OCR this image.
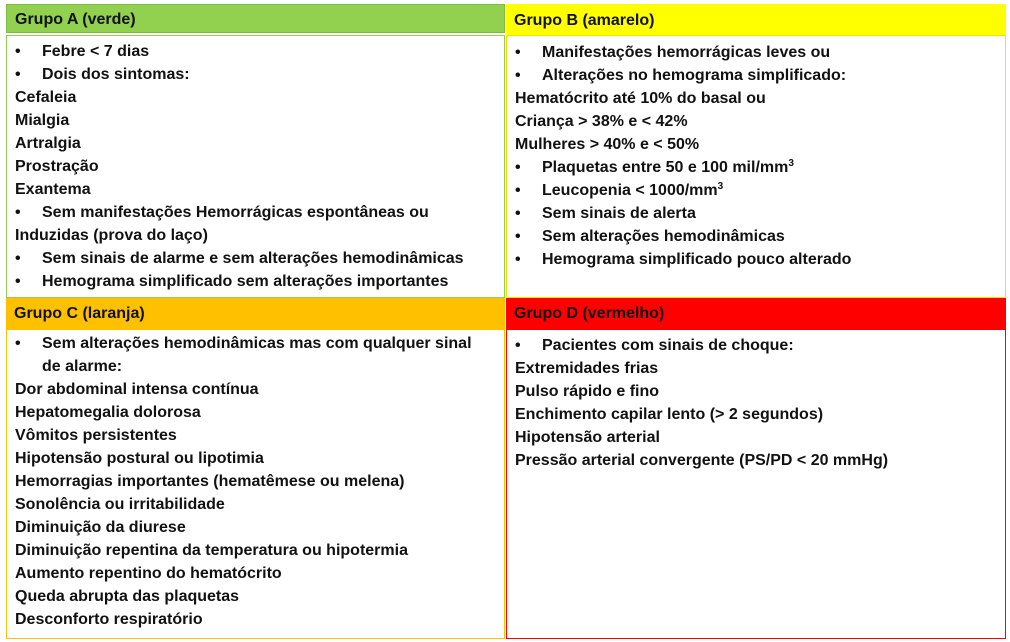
Grupo A (verde)
• Febre < 7 dias
• Dois dos sintomas:
Cefaleia
Mialgia
Artralgia
Prostração
Exantema
• Sem manifestações Hemorrágicas espontâneas ou
Induzidas (prova do laço)
• Sem sinais de alarme e sem alterações hemodinâmicas
• Hemograma simplificado sem alterações importantes
Grupo B (amarelo)
• Manifestações hemorrágicas leves ou
• Alterações no hemograma simplificado:
Hematócrito até 10% do basal ou
Criança > 38% e < 42%
Mulheres > 40% e < 50%
• Plaquetas entre 50 e 100 mil/$mm^3$
• Leucopenia < $1000/mm^3$
• Sem sinais de alerta
• Sem alterações hemodinâmicas
• Hemograma simplificado pouco alterado
Grupo C (laranja)
• Sem alterações hemodinâmicas mas com qualquer sinal
de alarme:
Dor abdominal intensa contínua
Hepatomegalia dolorosa
Vômitos persistentes
Hipotensão postural ou lipotimia
Hemorragias importantes (hematêmese ou melena)
Sonolência ou irritabilidade
Diminuição da diurese
Diminuição repentina da temperatura ou hipotermia
Aumento repentino do hematócrito
Queda abrupta das plaquetas
Desconforto respiratório
Grupo D (vermelho)
• Pacientes com sinais de choque:
Extremidades frias
Pulso rápido e fino
Enchimento capilar lento (> 2 segundos)
Hipotensão arterial
Pressão arterial convergente (PS/PD < 20 mmHg)
